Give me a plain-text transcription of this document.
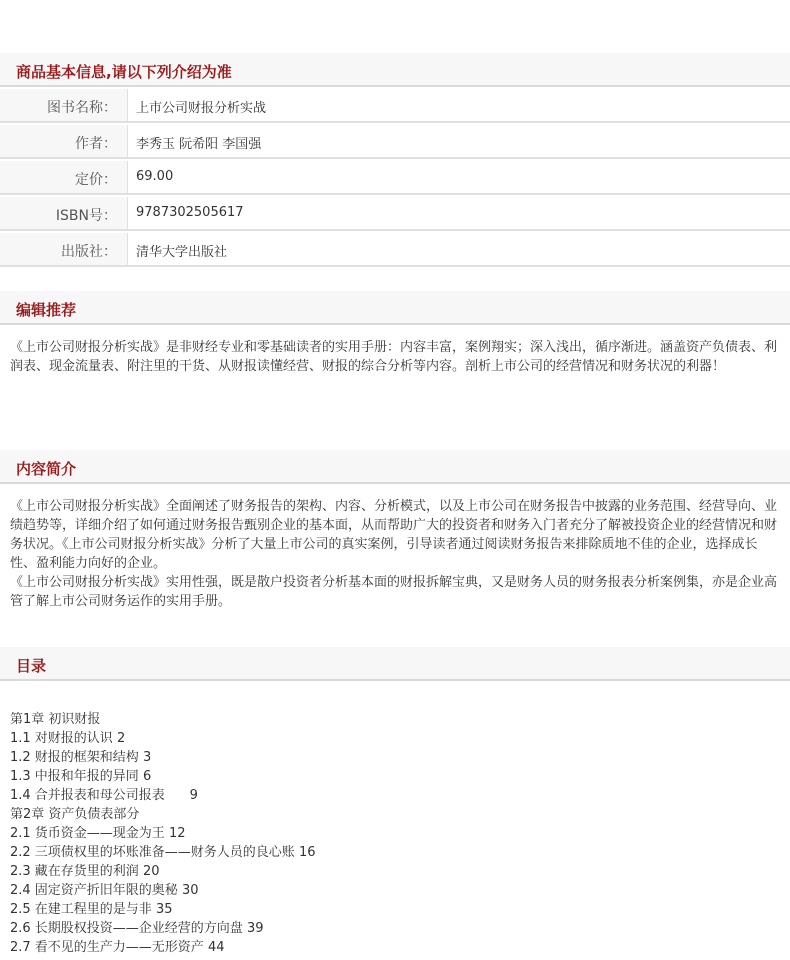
商品基本信息,请以下列介绍为准
图书名称： 上市公司财报分析实战
作者： 李秀玉 阮希阳 李国强
定价： 69.00
ISBN号： 9787302505617
出版社： 清华大学出版社
编辑推荐

《上市公司财报分析实战》是非财经专业和零基础读者的实用手册：内容丰富，案例翔实；深入浅出，循序渐进。涵盖资产负债表、利润表、现金流量表、附注里的干货、从财报读懂经营、财报的综合分析等内容。剖析上市公司的经营情况和财务状况的利器！

内容简介

《上市公司财报分析实战》全面阐述了财务报告的架构、内容、分析模式，以及上市公司在财务报告中披露的业务范围、经营导向、业绩趋势等，详细介绍了如何通过财务报告甄别企业的基本面，从而帮助广大的投资者和财务入门者充分了解被投资企业的经营情况和财务状况。《上市公司财报分析实战》分析了大量上市公司的真实案例，引导读者通过阅读财务报告来排除质地不佳的企业，选择成长性、盈利能力向好的企业。

《上市公司财报分析实战》实用性强，既是散户投资者分析基本面的财报拆解宝典，又是财务人员的财务报表分析案例集，亦是企业高管了解上市公司财务运作的实用手册。

目录
第1章 初识财报
1.1 对财报的认识 2
1.2 财报的框架和结构 3
1.3 中报和年报的异同 6
1.4 合并报表和母公司报表      9
第2章 资产负债表部分
2.1 货币资金——现金为王 12
2.2 三项债权里的坏账准备——财务人员的良心账 16
2.3 藏在存货里的利润 20
2.4 固定资产折旧年限的奥秘 30
2.5 在建工程里的是与非 35
2.6 长期股权投资——企业经营的方向盘 39
2.7 看不见的生产力——无形资产 44
